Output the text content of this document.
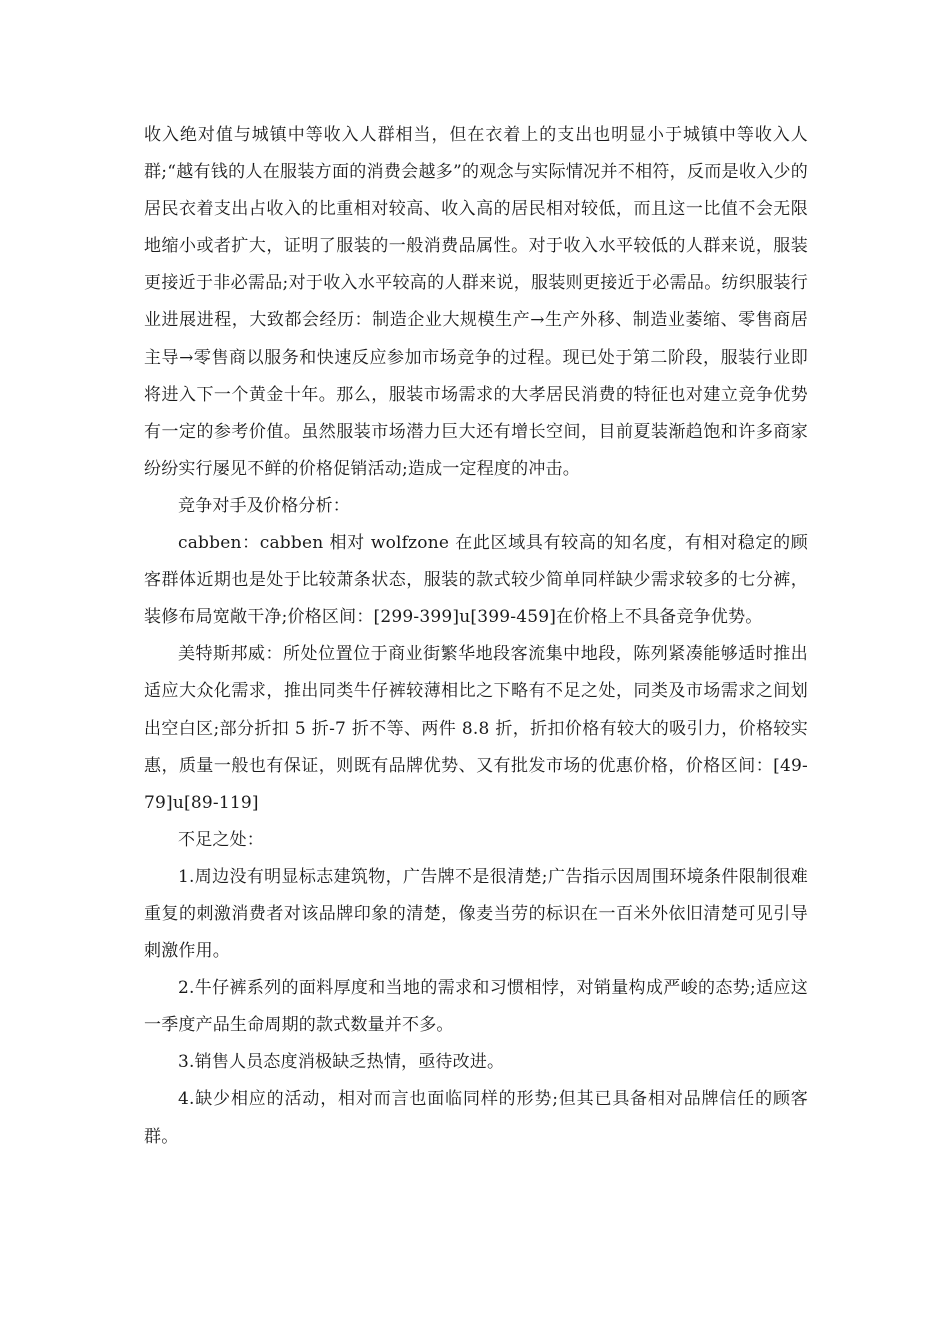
收入绝对值与城镇中等收入人群相当，但在衣着上的支出也明显小于城镇中等收入人群;“越有钱的人在服装方面的消费会越多”的观念与实际情况并不相符，反而是收入少的居民衣着支出占收入的比重相对较高、收入高的居民相对较低，而且这一比值不会无限地缩小或者扩大，证明了服装的一般消费品属性。对于收入水平较低的人群来说，服装更接近于非必需品;对于收入水平较高的人群来说，服装则更接近于必需品。纺织服装行业进展进程，大致都会经历：制造企业大规模生产→生产外移、制造业萎缩、零售商居主导→零售商以服务和快速反应参加市场竞争的过程。现已处于第二阶段，服装行业即将进入下一个黄金十年。那么，服装市场需求的大孝居民消费的特征也对建立竞争优势有一定的参考价值。虽然服装市场潜力巨大还有增长空间，目前夏装渐趋饱和许多商家纷纷实行屡见不鲜的价格促销活动;造成一定程度的冲击。

竞争对手及价格分析：

cabben：cabben 相对 wolfzone 在此区域具有较高的知名度，有相对稳定的顾客群体近期也是处于比较萧条状态，服装的款式较少简单同样缺少需求较多的七分裤，装修布局宽敞干净;价格区间：[299-399]u[399-459]在价格上不具备竞争优势。

美特斯邦威：所处位置位于商业街繁华地段客流集中地段，陈列紧凑能够适时推出适应大众化需求，推出同类牛仔裤较薄相比之下略有不足之处，同类及市场需求之间划出空白区;部分折扣 5 折-7 折不等、两件 8.8 折，折扣价格有较大的吸引力，价格较实惠，质量一般也有保证，则既有品牌优势、又有批发市场的优惠价格，价格区间：[49-79]u[89-119]

不足之处：

1.周边没有明显标志建筑物，广告牌不是很清楚;广告指示因周围环境条件限制很难重复的刺激消费者对该品牌印象的清楚，像麦当劳的标识在一百米外依旧清楚可见引导刺激作用。

2.牛仔裤系列的面料厚度和当地的需求和习惯相悖，对销量构成严峻的态势;适应这一季度产品生命周期的款式数量并不多。

3.销售人员态度消极缺乏热情，亟待改进。

4.缺少相应的活动，相对而言也面临同样的形势;但其已具备相对品牌信任的顾客群。
